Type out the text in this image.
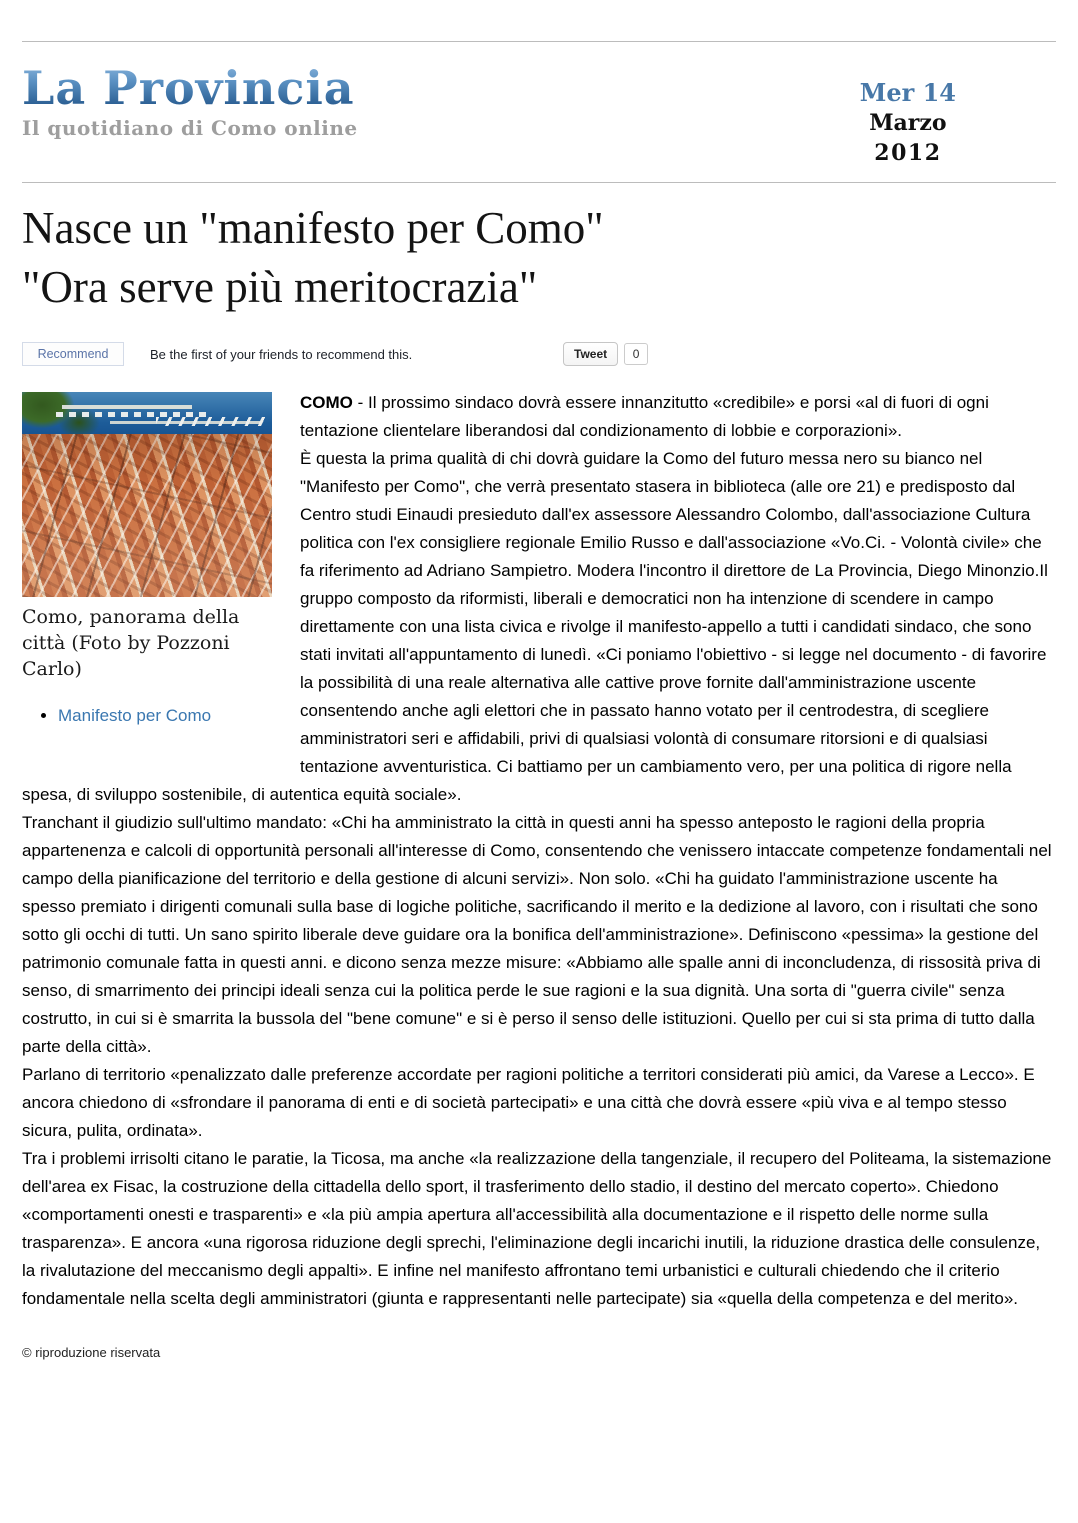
La Provincia
Il quotidiano di Como online
Mer 14
Marzo
2012
Nasce un "manifesto per Como"
"Ora serve più meritocrazia"
Recommend	Be the first of your friends to recommend this.	Tweet	0
Como, panorama della città (Foto by Pozzoni Carlo)
• Manifesto per Como

COMO - Il prossimo sindaco dovrà essere innanzitutto «credibile» e porsi «al di fuori di ogni tentazione clientelare liberandosi dal condizionamento di lobbie e corporazioni».

È questa la prima qualità di chi dovrà guidare la Como del futuro messa nero su bianco nel "Manifesto per Como", che verrà presentato stasera in biblioteca (alle ore 21) e predisposto dal Centro studi Einaudi presieduto dall'ex assessore Alessandro Colombo, dall'associazione Cultura politica con l'ex consigliere regionale Emilio Russo e dall'associazione «Vo.Ci. - Volontà civile» che fa riferimento ad Adriano Sampietro. Modera l'incontro il direttore de La Provincia, Diego Minonzio.Il gruppo composto da riformisti, liberali e democratici non ha intenzione di scendere in campo direttamente con una lista civica e rivolge il manifesto-appello a tutti i candidati sindaco, che sono stati invitati all'appuntamento di lunedì. «Ci poniamo l'obiettivo - si legge nel documento - di favorire la possibilità di una reale alternativa alle cattive prove fornite dall'amministrazione uscente consentendo anche agli elettori che in passato hanno votato per il centrodestra, di scegliere amministratori seri e affidabili, privi di qualsiasi volontà di consumare ritorsioni e di qualsiasi tentazione avventuristica. Ci battiamo per un cambiamento vero, per una politica di rigore nella spesa, di sviluppo sostenibile, di autentica equità sociale».

Tranchant il giudizio sull'ultimo mandato: «Chi ha amministrato la città in questi anni ha spesso anteposto le ragioni della propria appartenenza e calcoli di opportunità personali all'interesse di Como, consentendo che venissero intaccate competenze fondamentali nel campo della pianificazione del territorio e della gestione di alcuni servizi». Non solo. «Chi ha guidato l'amministrazione uscente ha spesso premiato i dirigenti comunali sulla base di logiche politiche, sacrificando il merito e la dedizione al lavoro, con i risultati che sono sotto gli occhi di tutti. Un sano spirito liberale deve guidare ora la bonifica dell'amministrazione». Definiscono «pessima» la gestione del patrimonio comunale fatta in questi anni. e dicono senza mezze misure: «Abbiamo alle spalle anni di inconcludenza, di rissosità priva di senso, di smarrimento dei principi ideali senza cui la politica perde le sue ragioni e la sua dignità. Una sorta di "guerra civile" senza costrutto, in cui si è smarrita la bussola del "bene comune" e si è perso il senso delle istituzioni. Quello per cui si sta prima di tutto dalla parte della città».

Parlano di territorio «penalizzato dalle preferenze accordate per ragioni politiche a territori considerati più amici, da Varese a Lecco». E ancora chiedono di «sfrondare il panorama di enti e di società partecipati» e una città che dovrà essere «più viva e al tempo stesso sicura, pulita, ordinata».

Tra i problemi irrisolti citano le paratie, la Ticosa, ma anche «la realizzazione della tangenziale, il recupero del Politeama, la sistemazione dell'area ex Fisac, la costruzione della cittadella dello sport, il trasferimento dello stadio, il destino del mercato coperto». Chiedono «comportamenti onesti e trasparenti» e «la più ampia apertura all'accessibilità alla documentazione e il rispetto delle norme sulla trasparenza». E ancora «una rigorosa riduzione degli sprechi, l'eliminazione degli incarichi inutili, la riduzione drastica delle consulenze, la rivalutazione del meccanismo degli appalti». E infine nel manifesto affrontano temi urbanistici e culturali chiedendo che il criterio fondamentale nella scelta degli amministratori (giunta e rappresentanti nelle partecipate) sia «quella della competenza e del merito».

© riproduzione riservata
